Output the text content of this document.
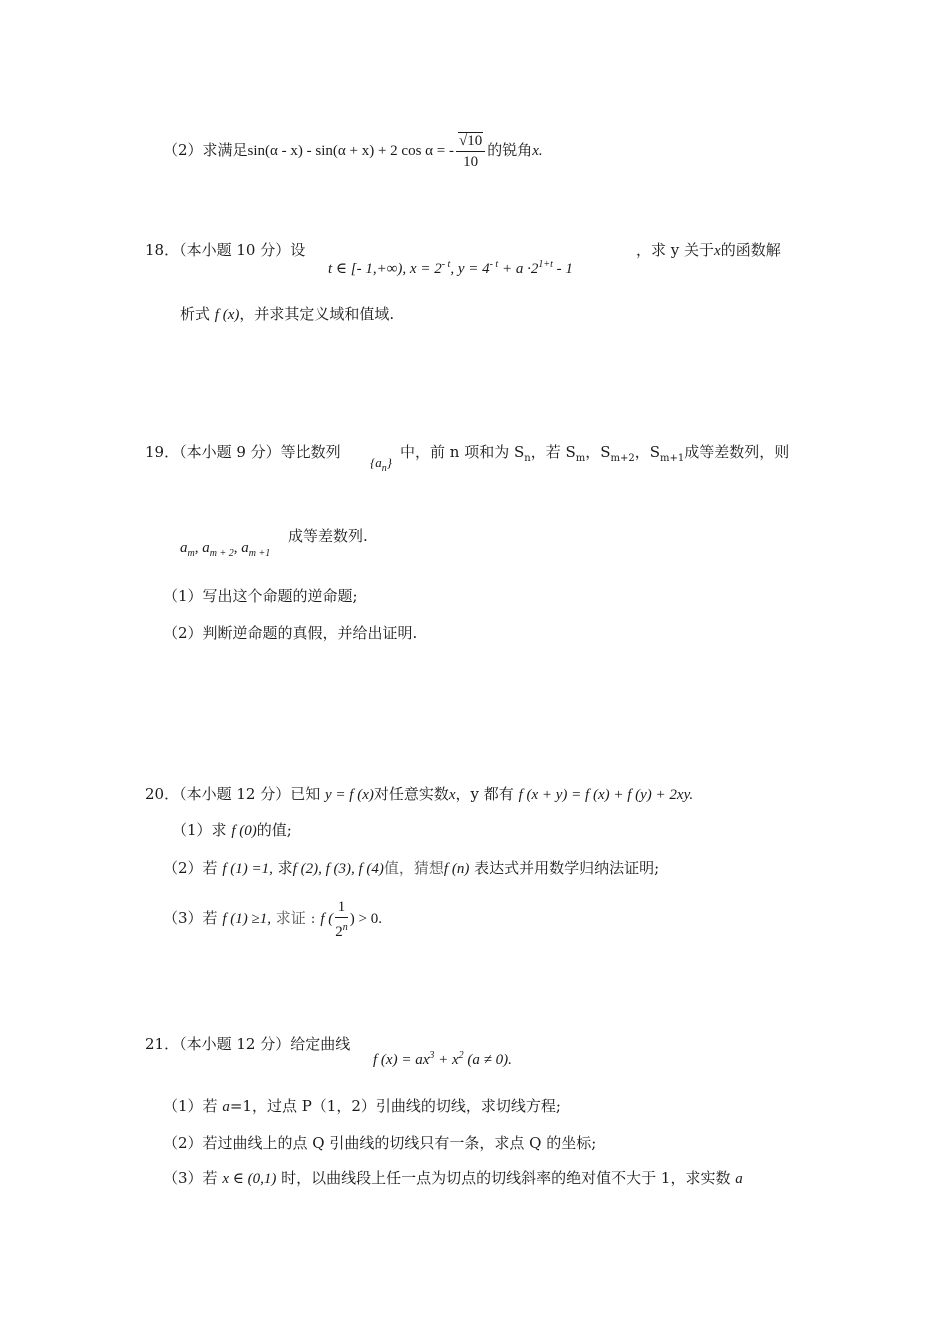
（2）求满足sin(α - x) - sin(α + x) + 2 cos α = - $\frac{√10}{10}$ 的锐角x.
18．（本小题 10 分）设
t ∈ [- 1,+∞), $x = 2^{- t}$, $y = 4^{- t} + a \cdot 2^{1+t} - 1$
，求 y 关于x的函数解
析式 f (x)，并求其定义域和值域.
19．（本小题 9 分）等比数列
$\{a_n\}$
中，前 n 项和为 $S_n$，若 $S_m$，$S_{m+2}$，$S_{m+1}$成等差数列，则
$a_m$, $a_{m + 2}$, $a_{m +1}$
成等差数列.
（1）写出这个命题的逆命题;
（2）判断逆命题的真假，并给出证明.
20．（本小题 12 分）已知 y = f (x)对任意实数x，y 都有 f (x + y) = f (x) + f (y) + 2xy.
（1）求 f (0)的值;
（2）若 f (1) =1, 求f (2), f (3), f (4)值，猜想f (n) 表达式并用数学归纳法证明;
（3）若 f (1) ≥1, 求证 : f ( $\frac{1}{2^n}$ ) > 0.
21．（本小题 12 分）给定曲线
f $(x) = ax^3 + x^2$ (a ≠ 0).
（1）若 a=1，过点 P（1，2）引曲线的切线，求切线方程;
（2）若过曲线上的点 Q 引曲线的切线只有一条，求点 Q 的坐标;
（3）若 x ∈ (0,1) 时，以曲线段上任一点为切点的切线斜率的绝对值不大于 1，求实数 a
